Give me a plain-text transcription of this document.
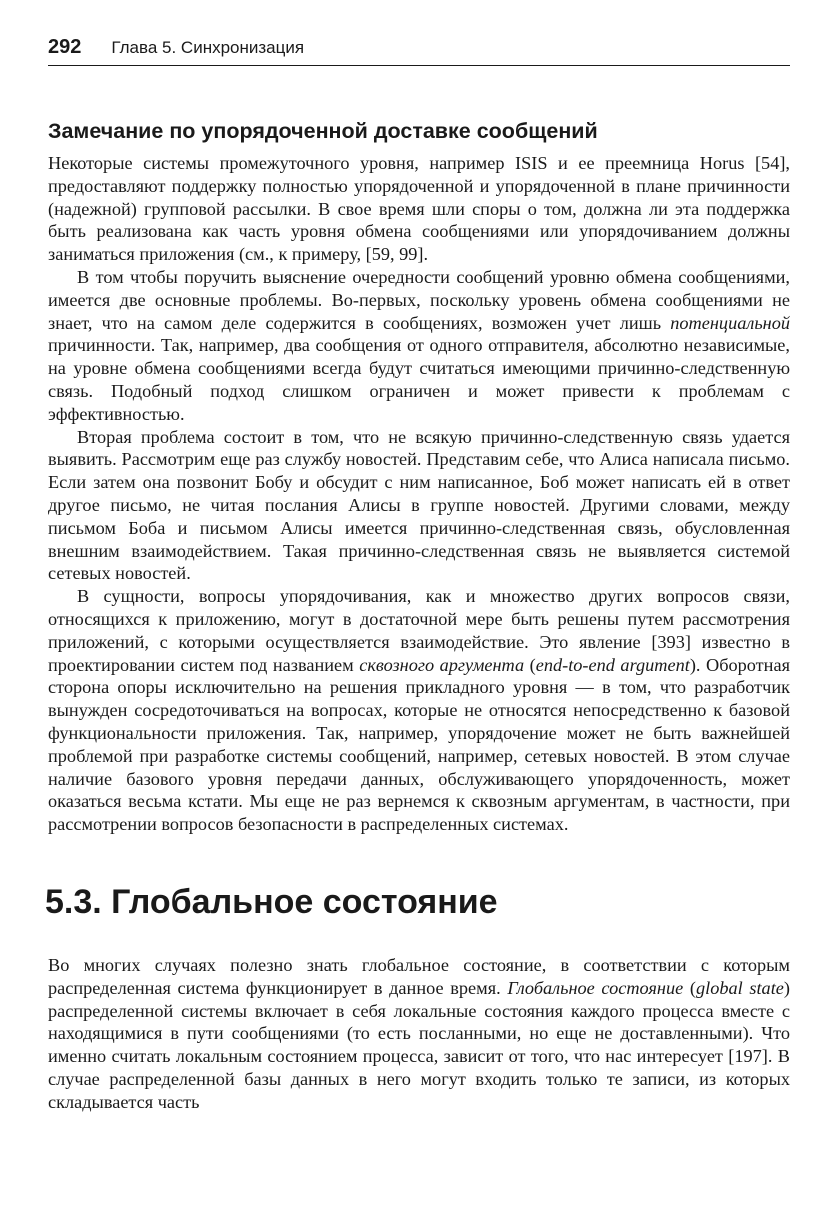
292 Глава 5. Синхронизация
Замечание по упорядоченной доставке сообщений

Некоторые системы промежуточного уровня, например ISIS и ее преемница Horus [54], предоставляют поддержку полностью упорядоченной и упорядоченной в плане причинности (надежной) групповой рассылки. В свое время шли споры о том, должна ли эта поддержка быть реализована как часть уровня обмена сообщениями или упорядочиванием должны заниматься приложения (см., к примеру, [59, 99].

В том чтобы поручить выяснение очередности сообщений уровню обмена сообщениями, имеется две основные проблемы. Во-первых, поскольку уровень обмена сообщениями не знает, что на самом деле содержится в сообщениях, возможен учет лишь потенциальной причинности. Так, например, два сообщения от одного отправителя, абсолютно независимые, на уровне обмена сообщениями всегда будут считаться имеющими причинно-следственную связь. Подобный подход слишком ограничен и может привести к проблемам с эффективностью.

Вторая проблема состоит в том, что не всякую причинно-следственную связь удается выявить. Рассмотрим еще раз службу новостей. Представим себе, что Алиса написала письмо. Если затем она позвонит Бобу и обсудит с ним написанное, Боб может написать ей в ответ другое письмо, не читая послания Алисы в группе новостей. Другими словами, между письмом Боба и письмом Алисы имеется причинно-следственная связь, обусловленная внешним взаимодействием. Такая причинно-следственная связь не выявляется системой сетевых новостей.

В сущности, вопросы упорядочивания, как и множество других вопросов связи, относящихся к приложению, могут в достаточной мере быть решены путем рассмотрения приложений, с которыми осуществляется взаимодействие. Это явление [393] известно в проектировании систем под названием сквозного аргумента (end-to-end argument). Оборотная сторона опоры исключительно на решения прикладного уровня — в том, что разработчик вынужден сосредоточиваться на вопросах, которые не относятся непосредственно к базовой функциональности приложения. Так, например, упорядочение может не быть важнейшей проблемой при разработке системы сообщений, например, сетевых новостей. В этом случае наличие базового уровня передачи данных, обслуживающего упорядоченность, может оказаться весьма кстати. Мы еще не раз вернемся к сквозным аргументам, в частности, при рассмотрении вопросов безопасности в распределенных системах.

5.3. Глобальное состояние

Во многих случаях полезно знать глобальное состояние, в соответствии с которым распределенная система функционирует в данное время. Глобальное состояние (global state) распределенной системы включает в себя локальные состояния каждого процесса вместе с находящимися в пути сообщениями (то есть посланными, но еще не доставленными). Что именно считать локальным состоянием процесса, зависит от того, что нас интересует [197]. В случае распределенной базы данных в него могут входить только те записи, из которых складывается часть
